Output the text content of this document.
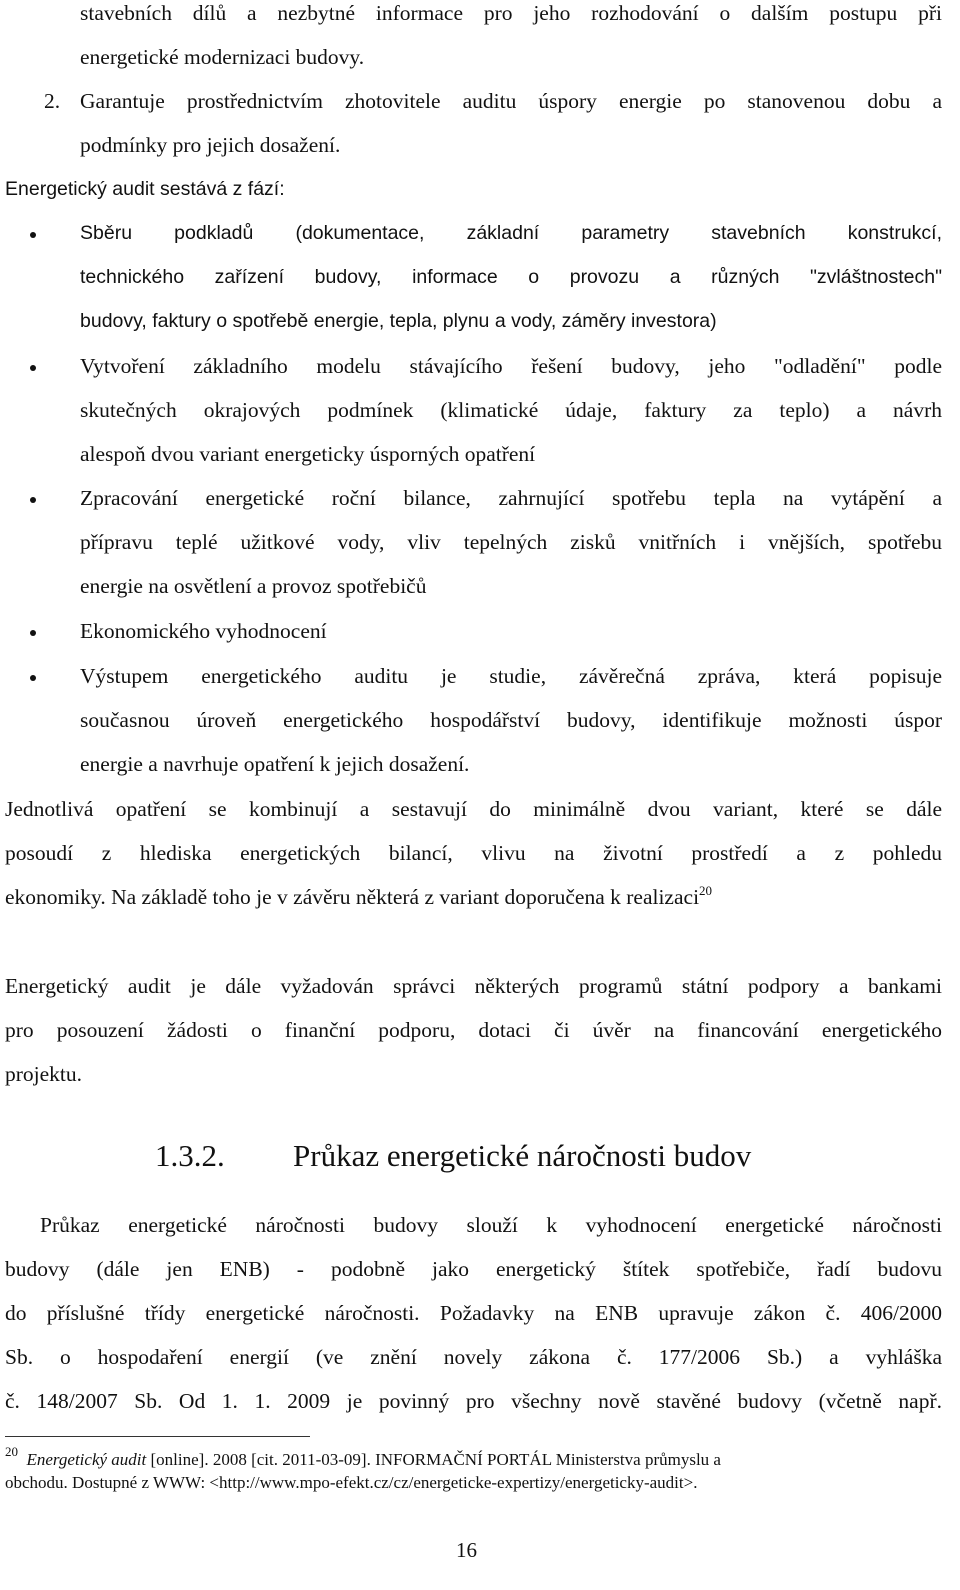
stavebních dílů a nezbytné informace pro jeho rozhodování o dalším postupu při
energetické modernizaci budovy.
2. Garantuje prostřednictvím zhotovitele auditu úspory energie po stanovenou dobu a
podmínky pro jejich dosažení.
Energetický audit sestává z fází:
Sběru podkladů (dokumentace, základní parametry stavebních konstrukcí,
technického zařízení budovy, informace o provozu a různých "zvláštnostech"
budovy, faktury o spotřebě energie, tepla, plynu a vody, záměry investora)
Vytvoření základního modelu stávajícího řešení budovy, jeho "odladění" podle
skutečných okrajových podmínek (klimatické údaje, faktury za teplo) a návrh
alespoň dvou variant energeticky úsporných opatření
Zpracování energetické roční bilance, zahrnující spotřebu tepla na vytápění a
přípravu teplé užitkové vody, vliv tepelných zisků vnitřních i vnějších, spotřebu
energie na osvětlení a provoz spotřebičů
Ekonomického vyhodnocení
Výstupem energetického auditu je studie, závěrečná zpráva, která popisuje
současnou úroveň energetického hospodářství budovy, identifikuje možnosti úspor
energie a navrhuje opatření k jejich dosažení.
Jednotlivá opatření se kombinují a sestavují do minimálně dvou variant, které se dále
posoudí z hlediska energetických bilancí, vlivu na životní prostředí a z pohledu
ekonomiky. Na základě toho je v závěru některá z variant doporučena k realizaci$^{20}$
Energetický audit je dále vyžadován správci některých programů státní podpory a bankami
pro posouzení žádosti o finanční podporu, dotaci či úvěr na financování energetického
projektu.
1.3.2. Průkaz energetické náročnosti budov
Průkaz energetické náročnosti budovy slouží k vyhodnocení energetické náročnosti
budovy (dále jen ENB) - podobně jako energetický štítek spotřebiče, řadí budovu
do příslušné třídy energetické náročnosti. Požadavky na ENB upravuje zákon č. 406/2000
Sb. o hospodaření energií (ve znění novely zákona č. 177/2006 Sb.) a vyhláška
č. 148/2007 Sb. Od 1. 1. 2009 je povinný pro všechny nově stavěné budovy (včetně např.
$^{20}$ Energetický audit [online]. 2008 [cit. 2011-03-09]. INFORMAČNÍ PORTÁL Ministerstva průmyslu a
obchodu. Dostupné z WWW: <http://www.mpo-efekt.cz/cz/energeticke-expertizy/energeticky-audit>.
16
